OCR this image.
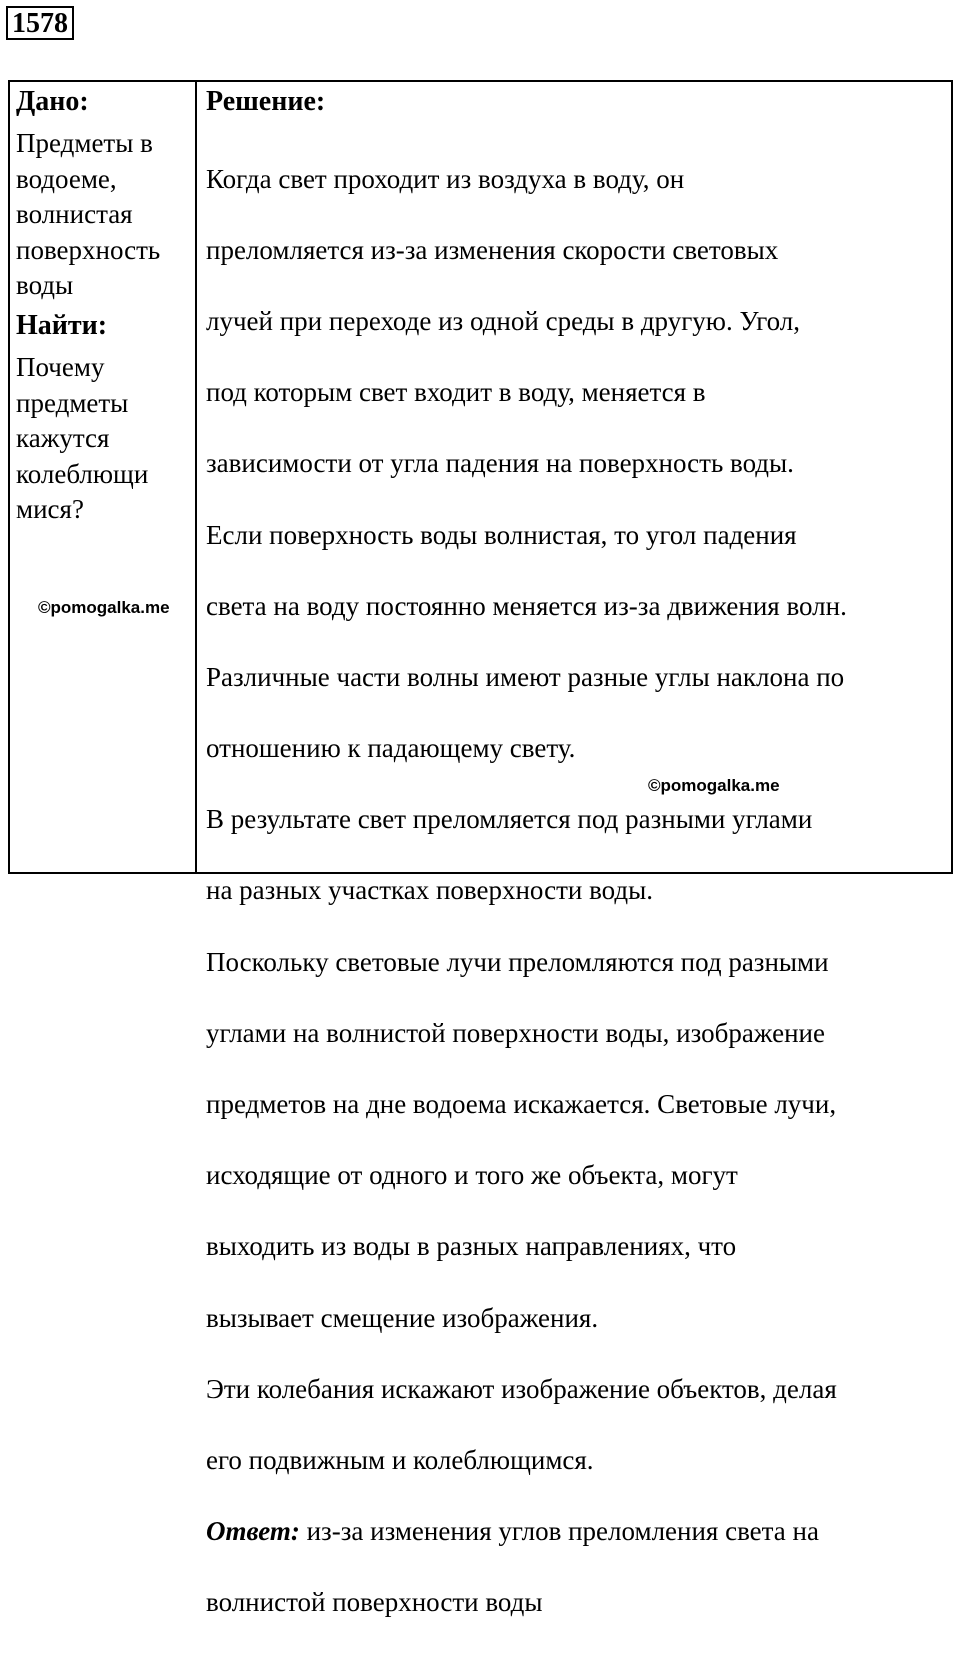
1578
Дано:
Предметы в
водоеме,
волнистая
поверхность
воды
Найти:
Почему
предметы
кажутся
колеблющи
мися?
Решение:

Когда свет проходит из воздуха в воду, он

преломляется из-за изменения скорости световых

лучей при переходе из одной среды в другую. Угол,

под которым свет входит в воду, меняется в

зависимости от угла падения на поверхность воды.

Если поверхность воды волнистая, то угол падения

света на воду постоянно меняется из-за движения волн.

Различные части волны имеют разные углы наклона по

отношению к падающему свету.

В результате свет преломляется под разными углами

на разных участках поверхности воды.

Поскольку световые лучи преломляются под разными

углами на волнистой поверхности воды, изображение

предметов на дне водоема искажается. Световые лучи,

исходящие от одного и того же объекта, могут

выходить из воды в разных направлениях, что

вызывает смещение изображения.

Эти колебания искажают изображение объектов, делая

его подвижным и колеблющимся.

Ответ: из-за изменения углов преломления света на

волнистой поверхности воды

©pomogalka.me
©pomogalka.me
